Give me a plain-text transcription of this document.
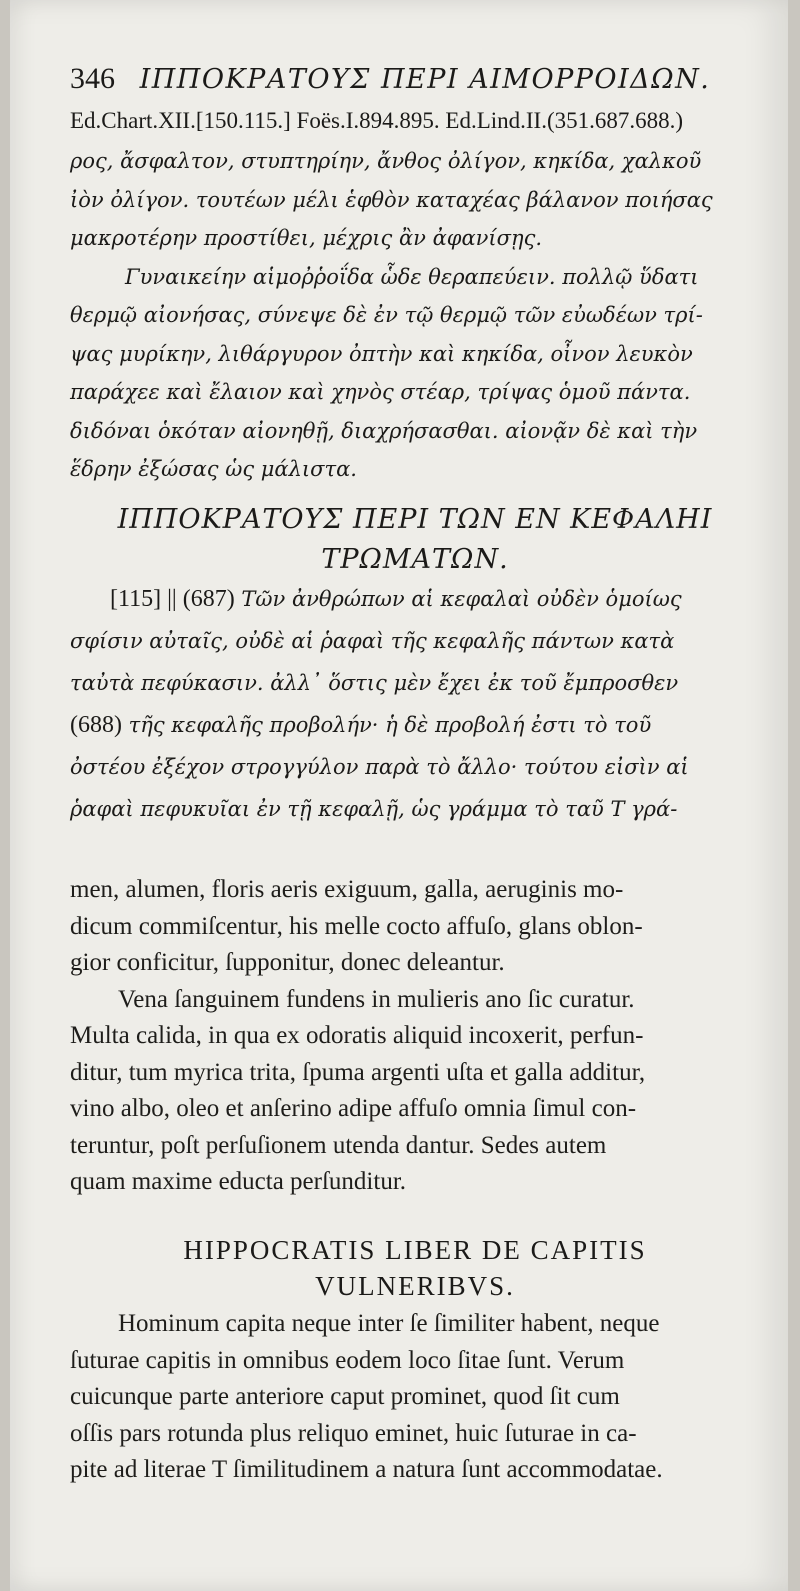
346 ΙΠΠΟΚΡΑΤΟΥΣ ΠΕΡΙ ΑΙΜΟΡΡΟΙΔΩΝ.
Ed.Chart.XII.[150.115.] Foës.I.894.895. Ed.Lind.II.(351.687.688.)

ρος, ἄσφαλτον, στυπτηρίην, ἄνθος ὀλίγον, κηκίδα, χαλκοῦ

ἰὸν ὀλίγον. τουτέων μέλι ἑφθὸν καταχέας βάλανον ποιήσας

μακροτέρην προστίθει, μέχρις ἂν ἀφανίσῃς.

Γυναικείην αἱμοῤῥοΐδα ὧδε θεραπεύειν. πολλῷ ὕδατι

θερμῷ αἰονήσας, σύνεψε δὲ ἐν τῷ θερμῷ τῶν εὐωδέων τρί-

ψας μυρίκην, λιθάργυρον ὀπτὴν καὶ κηκίδα, οἶνον λευκὸν

παράχεε καὶ ἔλαιον καὶ χηνὸς στέαρ, τρίψας ὁμοῦ πάντα.

διδόναι ὁκόταν αἰονηθῇ, διαχρήσασθαι. αἰονᾷν δὲ καὶ τὴν

ἕδρην ἐξώσας ὡς μάλιστα.

ΙΠΠΟΚΡΑΤΟΥΣ ΠΕΡΙ ΤΩΝ ΕΝ ΚΕΦΑΛΗΙ
ΤΡΩΜΑΤΩΝ.

[115] || (687) Τῶν ἀνθρώπων αἱ κεφαλαὶ οὐδὲν ὁμοίως

σφίσιν αὐταῖς, οὐδὲ αἱ ῥαφαὶ τῆς κεφαλῆς πάντων κατὰ

ταὐτὰ πεφύκασιν. ἀλλ᾽ ὅστις μὲν ἔχει ἐκ τοῦ ἔμπροσθεν

(688) τῆς κεφαλῆς προβολήν· ἡ δὲ προβολή ἐστι τὸ τοῦ

ὀστέου ἐξέχον στρογγύλον παρὰ τὸ ἄλλο· τούτου εἰσὶν αἱ

ῥαφαὶ πεφυκυῖαι ἐν τῇ κεφαλῇ, ὡς γράμμα τὸ ταῦ Τ γρά-

men, alumen, floris aeris exiguum, galla, aeruginis mo-

dicum commiſcentur, his melle cocto affuſo, glans oblon-

gior conficitur, ſupponitur, donec deleantur.

Vena ſanguinem fundens in mulieris ano ſic curatur.

Multa calida, in qua ex odoratis aliquid incoxerit, perfun-

ditur, tum myrica trita, ſpuma argenti uſta et galla additur,

vino albo, oleo et anſerino adipe affuſo omnia ſimul con-

teruntur, poſt perſuſionem utenda dantur. Sedes autem

quam maxime educta perſunditur.

HIPPOCRATIS LIBER DE CAPITIS
VULNERIBVS.

Hominum capita neque inter ſe ſimiliter habent, neque

ſuturae capitis in omnibus eodem loco ſitae ſunt. Verum

cuicunque parte anteriore caput prominet, quod ſit cum

oſſis pars rotunda plus reliquo eminet, huic ſuturae in ca-

pite ad literae T ſimilitudinem a natura ſunt accommodatae.
